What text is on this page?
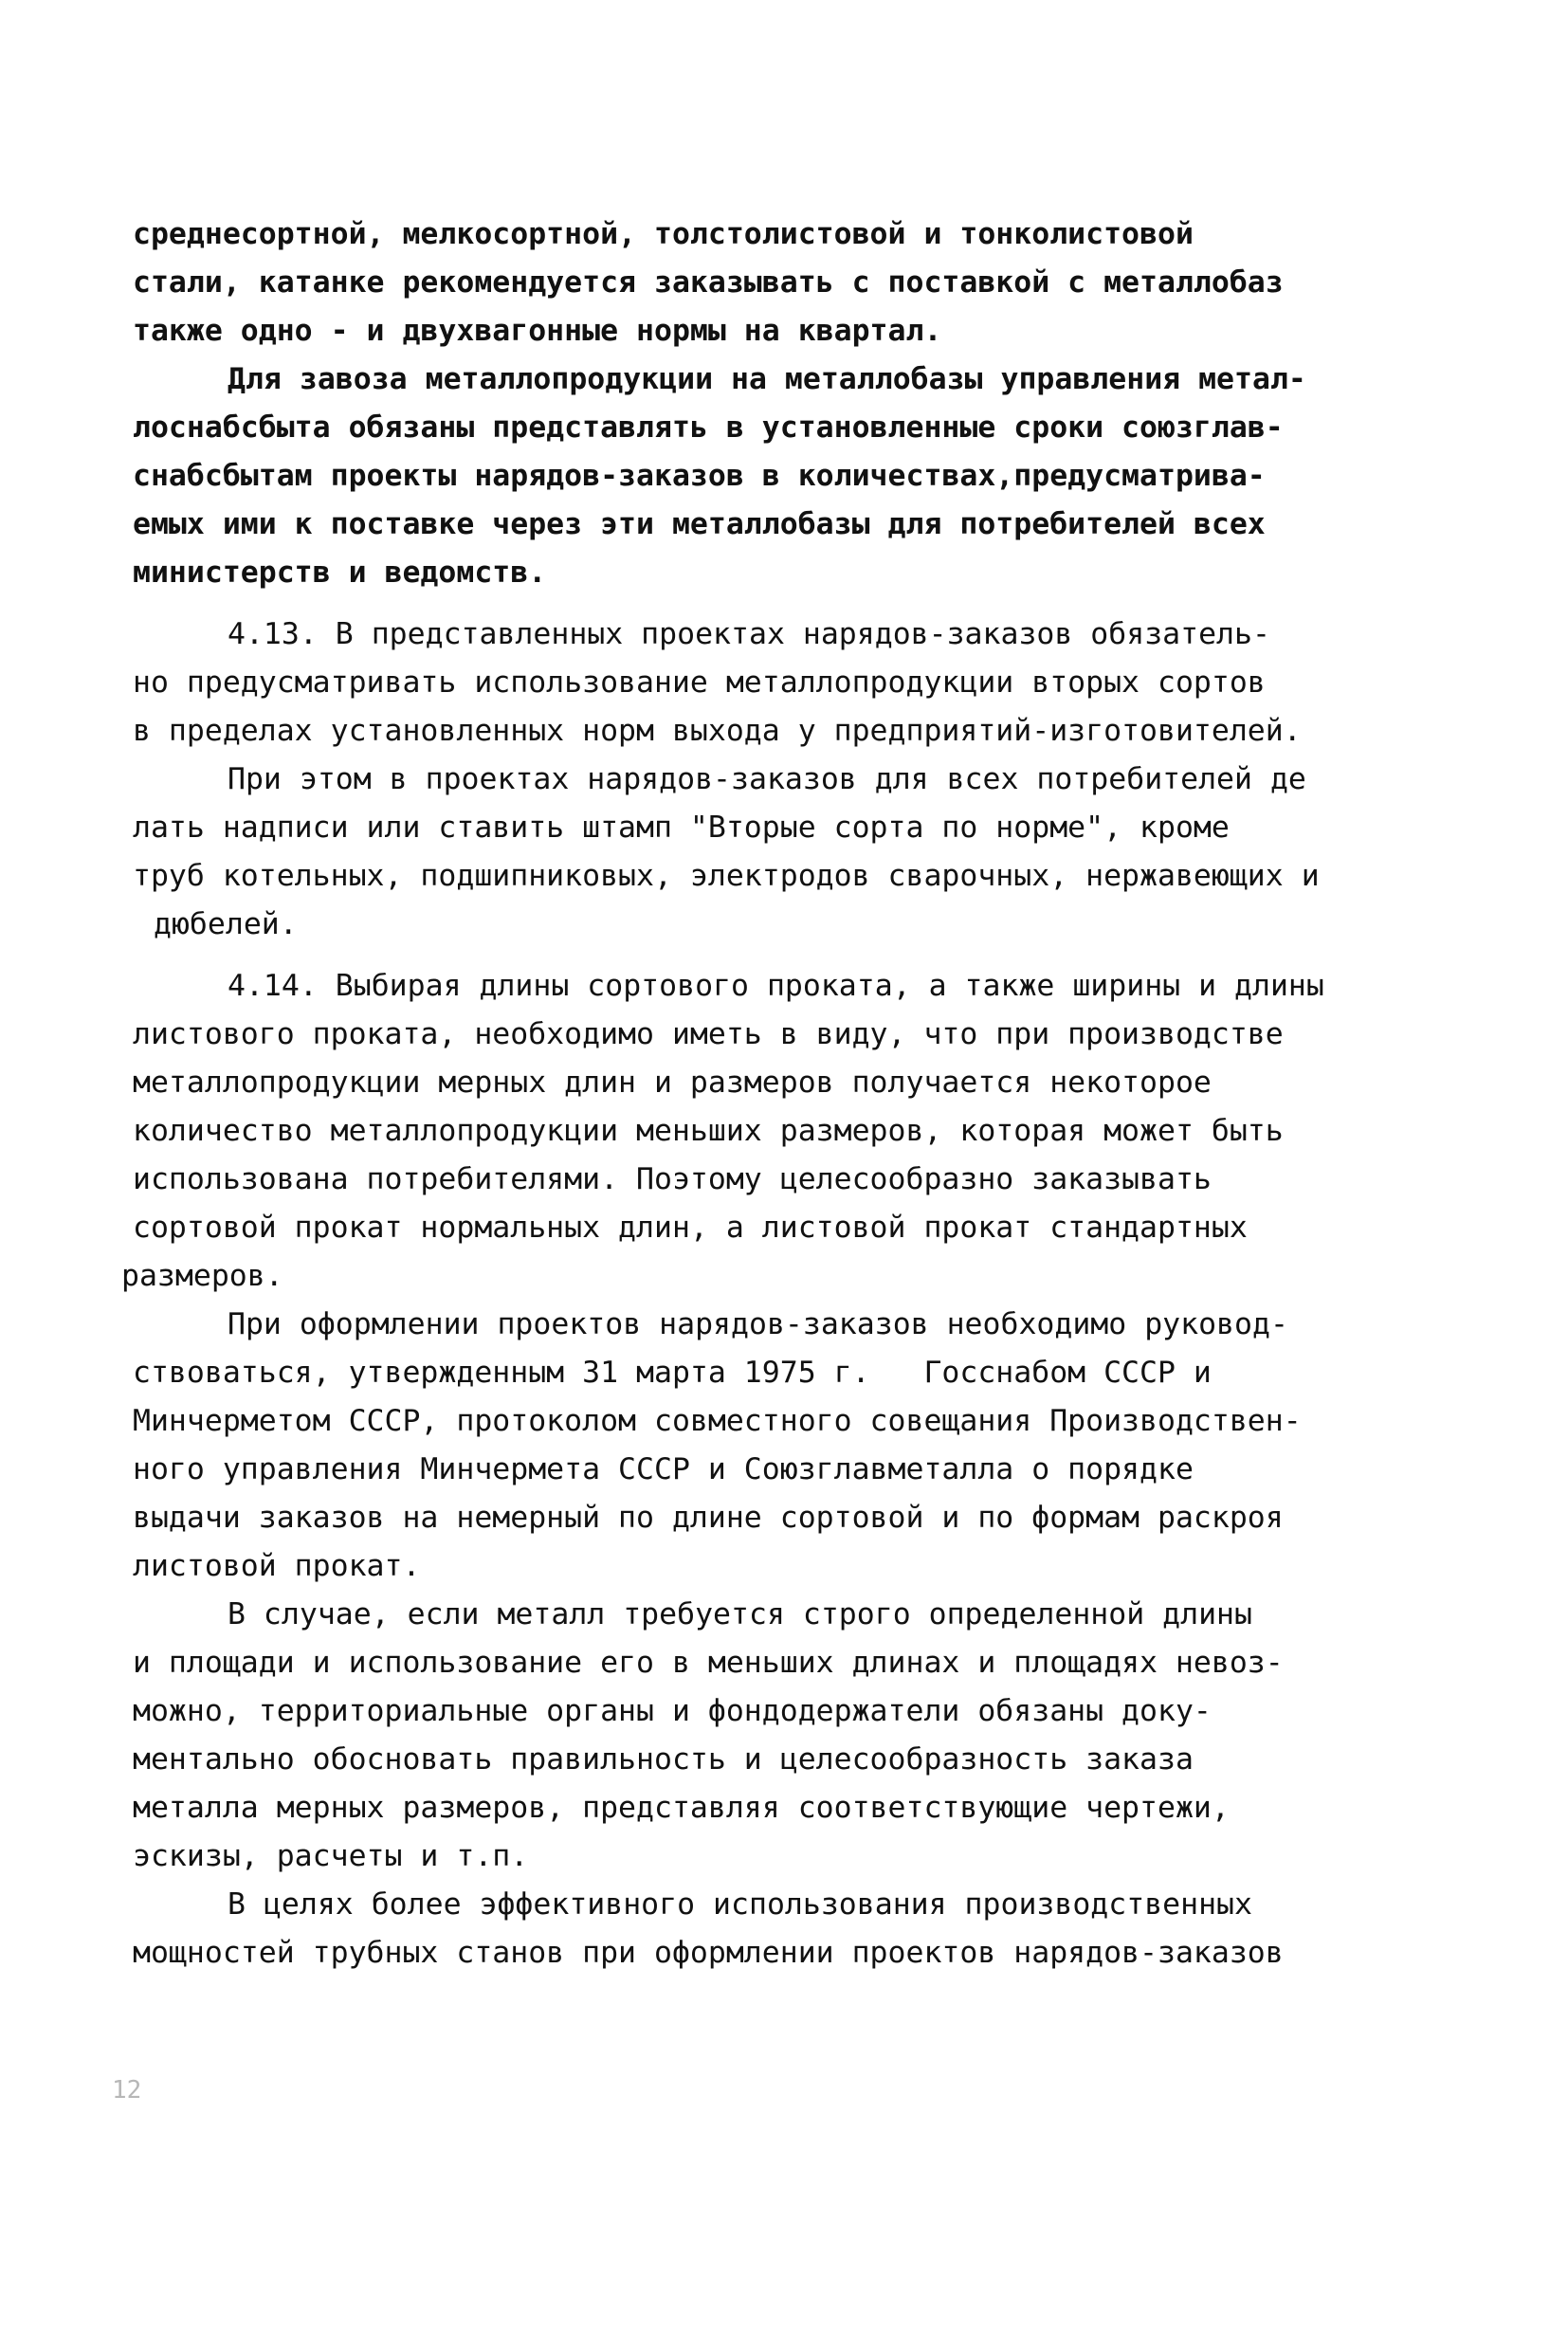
среднесортной, мелкосортной, толстолистовой и тонколистовой
стали, катанке рекомендуется заказывать с поставкой с металлобаз
также одно - и двухвагонные нормы на квартал.
Для завоза металлопродукции на металлобазы управления метал-
лоснабсбыта обязаны представлять в установленные сроки союзглав-
снабсбытам проекты нарядов-заказов в количествах,предусматрива-
емых ими к поставке через эти металлобазы для потребителей всех
министерств и ведомств.
4.13. В представленных проектах нарядов-заказов обязатель-
но предусматривать использование металлопродукции вторых сортов
в пределах установленных норм выхода у предприятий-изготовителей.
При этом в проектах нарядов-заказов для всех потребителей де
лать надписи или ставить штамп "Вторые сорта по норме", кроме
труб котельных, подшипниковых, электродов сварочных, нержавеющих и
дюбелей.
4.14. Выбирая длины сортового проката, а также ширины и длины
листового проката, необходимо иметь в виду, что при производстве
металлопродукции мерных длин и размеров получается некоторое
количество металлопродукции меньших размеров, которая может быть
использована потребителями. Поэтому целесообразно заказывать
сортовой прокат нормальных длин, а листовой прокат стандартных
размеров.
При оформлении проектов нарядов-заказов необходимо руковод-
ствоваться, утвержденным 31 марта 1975 г.   Госснабом СССР и
Минчерметом СССР, протоколом совместного совещания Производствен-
ного управления Минчермета СССР и Союзглавметалла о порядке
выдачи заказов на немерный по длине сортовой и по формам раскроя
листовой прокат.
В случае, если металл требуется строго определенной длины
и площади и использование его в меньших длинах и площадях невоз-
можно, территориальные органы и фондодержатели обязаны доку-
ментально обосновать правильность и целесообразность заказа
металла мерных размеров, представляя соответствующие чертежи,
эскизы, расчеты и т.п.
В целях более эффективного использования производственных
мощностей трубных станов при оформлении проектов нарядов-заказов
12
